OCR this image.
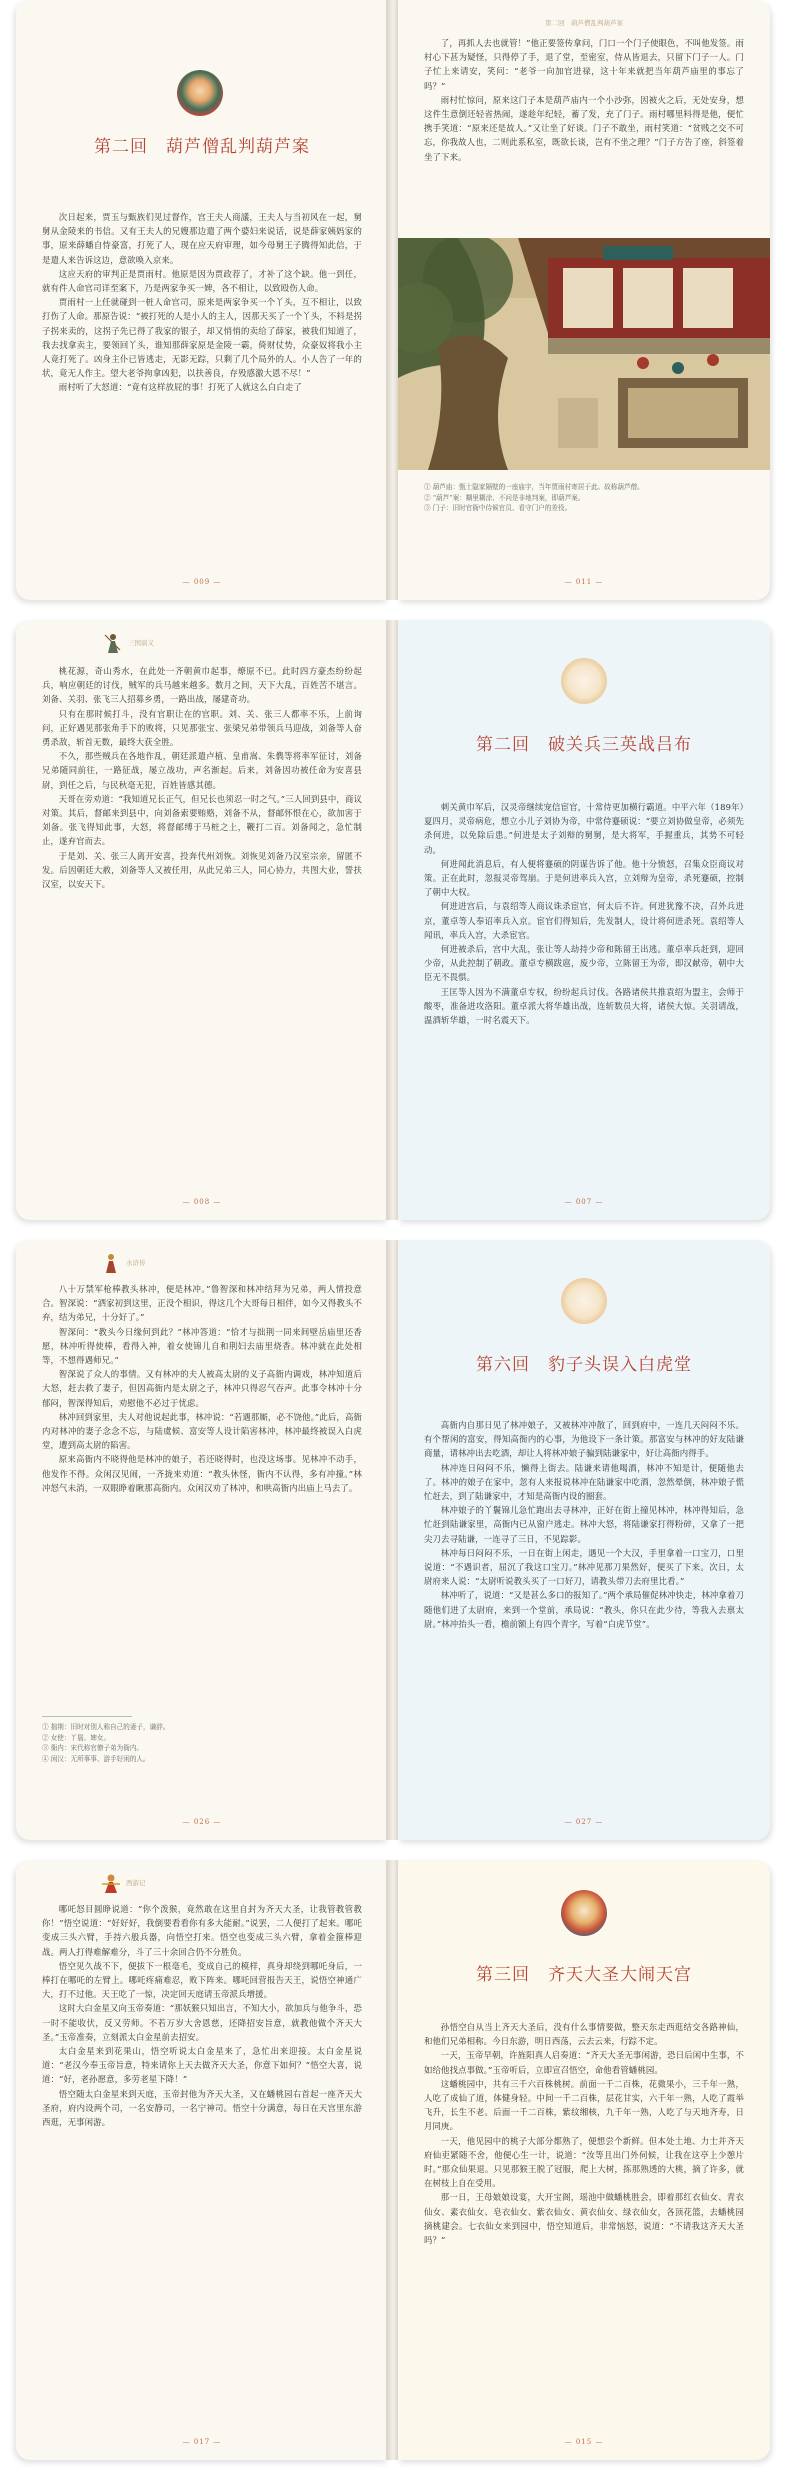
第二回　葫芦僧乱判葫芦案

次日起来，贾玉与甄族们见过督作，宫王夫人商議，王夫人与当初风在一起，舅舅从金陵来的书信。又有王夫人的兄嫂那边遣了两个婆妇来说话，说是薛家姨妈家的事，原来薛蟠自恃豪富，打死了人，现在应天府审理，如今母舅王子腾得知此信，于是遣人来告诉这边，意欲唤入京来。

这应天府的审判正是贾雨村。他原是因为贾政荐了，才补了这个缺。他一到任，就有件人命官司详至案下，乃是两家争买一婢，各不相让，以致殴伤人命。

贾雨村一上任就碰到一桩人命官司，原来是两家争买一个丫头，互不相让，以致打伤了人命。那原告说：“被打死的人是小人的主人，因那天买了一个丫头，不料是拐子拐来卖的，这拐子先已得了我家的银子，却又悄悄的卖给了薛家，被我们知道了，我去找拿卖主，要领回丫头，谁知那薛家原是金陵一霸，倚财仗势，众豪奴将我小主人竟打死了。凶身主仆已皆逃走，无影无踪，只剩了几个局外的人。小人告了一年的状，竟无人作主。望大老爷拘拿凶犯，以扶善良，存殁感激大恩不尽！”

雨村听了大怒道：“竟有这样放屁的事！打死了人就这么白白走了

— 009 —
第二回　葫芦僧乱判葫芦案

了，再抓人去也就管！”他正要签传拿问，门口一个门子使眼色，不叫他发签。雨村心下甚为疑怪，只得停了手，退了堂，至密室，侍从皆退去，只留下门子一人。门子忙上来请安，笑问：“老爷一向加官进禄，这十年来就把当年葫芦庙里的事忘了吗？”

雨村忙惊问，原来这门子本是葫芦庙内一个小沙弥，因被火之后，无处安身，想这件生意倒还轻省热闹，遂趁年纪轻，蓄了发，充了门子。雨村哪里料得是他，便忙携手笑道：“原来还是故人。”又让坐了好谈。门子不敢坐，雨村笑道：“贫贱之交不可忘，你我故人也，二则此系私室，既欲长谈，岂有不坐之理？”门子方告了座，斜签着坐了下来。

① 葫芦庙：甄士隐家隔壁的一座庙宇，当年贾雨村寄居于此。故称葫芦僧。

② “葫芦”案：糊里糊涂、不问是非地判案，即葫芦案。

③ 门子：旧时官衙中侍候官员、看守门户的差役。

— 011 —
三国演义

桃花源，奇山秀水，在此处一齐朝黄巾起事，燎原不已。此时四方豪杰纷纷起兵，响应朝廷的讨伐，贼军的兵马越来越多。数月之间，天下大乱，百姓苦不堪言。刘备、关羽、张飞三人招募乡勇，一路出战，屡建奇功。

只有在那时候打斗，没有官职让在的官职。刘、关、张三人都率不乐，上前询问，正好遇见那张角手下的败将，只见那张宝、张梁兄弟带领兵马迎战，刘备等人奋勇杀敌，斩首无数，最终大获全胜。

不久，那些贼兵在各地作乱，朝廷派遣卢植、皇甫嵩、朱儁等将率军征讨，刘备兄弟随同前往，一路征战，屡立战功，声名渐起。后来，刘备因功被任命为安喜县尉，到任之后，与民秋毫无犯，百姓皆感其德。

天哥在旁劝道：“我知道兄长正气，但兄长也须忍一时之气。”三人回到县中，商议对策。其后，督邮来到县中，向刘备索要贿赂，刘备不从，督邮怀恨在心，欲加害于刘备。张飞得知此事，大怒，将督邮缚于马桩之上，鞭打二百。刘备闻之，急忙制止，遂弃官而去。

于是刘、关、张三人离开安喜，投奔代州刘恢。刘恢见刘备乃汉室宗亲，留匿不发。后因朝廷大赦，刘备等人又被任用，从此兄弟三人，同心协力，共图大业，誓扶汉室，以安天下。

— 008 —
第二回　破关兵三英战吕布

刺关黄巾军后，汉灵帝继续宠信宦官，十常侍更加横行霸道。中平六年（189年）夏四月，灵帝病危，想立小儿子刘协为帝，中常侍蹇硕说：“要立刘协做皇帝，必须先杀何进，以免除后患。”何进是太子刘辩的舅舅，是大将军，手握重兵，其势不可轻动。

何进闻此消息后，有人便将蹇硕的阴谋告诉了他。他十分愤怒，召集众臣商议对策。正在此时，忽报灵帝驾崩。于是何进率兵入宫，立刘辩为皇帝，杀死蹇硕，控制了朝中大权。

何进进宫后，与袁绍等人商议诛杀宦官，何太后不许。何进犹豫不决，召外兵进京，董卓等人奉诏率兵入京。宦官们得知后，先发制人，设计将何进杀死。袁绍等人闻讯，率兵入宫，大杀宦官。

何进被杀后，宫中大乱，张让等人劫持少帝和陈留王出逃。董卓率兵赶到，迎回少帝，从此控制了朝政。董卓专横跋扈，废少帝，立陈留王为帝，即汉献帝，朝中大臣无不畏惧。

王匡等人因为不满董卓专权，纷纷起兵讨伐。各路诸侯共推袁绍为盟主，会师于酸枣，准备进攻洛阳。董卓派大将华雄出战，连斩数员大将，诸侯大惊。关羽请战，温酒斩华雄，一时名震天下。

— 007 —
水浒传

八十万禁军枪棒教头林冲，便是林冲。”鲁智深和林冲结拜为兄弟，两人情投意合。智深说：“洒家初到这里，正没个相识，得这几个大哥每日相伴，如今又得教头不弃，结为弟兄，十分好了。”

智深问：“教头今日缘何到此？”林冲答道：“恰才与拙荆一同来间壁岳庙里还香愿，林冲听得使棒，看得入神，着女使锦儿自和荆妇去庙里烧香。林冲就在此处相等，不想得遇师兄。”

智深说了众人的事情。又有林冲的夫人被高太尉的义子高衙内调戏，林冲知道后大怒，赶去救了妻子，但因高衙内是太尉之子，林冲只得忍气吞声。此事令林冲十分郁闷，智深得知后，劝慰他不必过于忧虑。

林冲回到家里，夫人对他说起此事，林冲说：“若遇那厮，必不饶他。”此后，高衙内对林冲的妻子念念不忘，与陆虞候、富安等人设计陷害林冲，林冲最终被误入白虎堂，遭到高太尉的陷害。

原来高衙内不晓得他是林冲的娘子，若还晓得时，也没这场事。见林冲不动手，他发作不得。众闲汉见闹，一齐拢来劝道：“教头休怪，衙内不认得，多有冲撞。”林冲怒气未消，一双眼睁着瞅那高衙内。众闲汉劝了林冲，和哄高衙内出庙上马去了。

① 拙荆：旧时对别人称自己的妻子，谦辞。

② 女使：丫鬟、婢女。

③ 衙内：宋代称官僚子弟为衙内。

④ 闲汉：无所事事、游手好闲的人。

— 026 —
第六回　豹子头误入白虎堂

高衙内自那日见了林冲娘子，又被林冲冲散了，回到府中，一连几天闷闷不乐。有个帮闲的富安，得知高衙内的心事，为他设下一条计策。那富安与林冲的好友陆谦商量，请林冲出去吃酒，却让人将林冲娘子骗到陆谦家中，好让高衙内得手。

林冲连日闷闷不乐，懒得上街去。陆谦来请他喝酒，林冲不知是计，便随他去了。林冲的娘子在家中，忽有人来报说林冲在陆谦家中吃酒，忽然晕倒，林冲娘子慌忙赶去，到了陆谦家中，才知是高衙内设的圈套。

林冲娘子的丫鬟锦儿急忙跑出去寻林冲，正好在街上撞见林冲，林冲得知后，急忙赶到陆谦家里，高衙内已从窗户逃走。林冲大怒，将陆谦家打得粉碎，又拿了一把尖刀去寻陆谦，一连寻了三日，不见踪影。

林冲每日闷闷不乐，一日在街上闲走，遇见一个大汉，手里拿着一口宝刀，口里说道：“不遇识者，屈沉了我这口宝刀。”林冲见那刀果然好，便买了下来。次日，太尉府来人说：“太尉听说教头买了一口好刀，请教头带刀去府里比看。”

林冲听了，说道：“又是甚么多口的报知了。”两个承局催促林冲快走，林冲拿着刀随他们进了太尉府，来到一个堂前，承局说：“教头，你只在此少待，等我入去禀太尉。”林冲抬头一看，檐前额上有四个青字，写着“白虎节堂”。

— 027 —
西游记

哪吒怒目圆睁说道：“你个泼猴，竟然敢在这里自封为齐天大圣，让我管教管教你！”悟空说道：“好好好，我倒要看看你有多大能耐。”说罢，二人便打了起来。哪吒变成三头六臂，手持六般兵器，向悟空打来。悟空也变成三头六臂，拿着金箍棒迎战。两人打得难解难分，斗了三十余回合仍不分胜负。

悟空见久战不下，便拔下一根毫毛，变成自己的模样，真身却绕到哪吒身后，一棒打在哪吒的左臂上。哪吒疼痛难忍，败下阵来。哪吒回营报告天王，说悟空神通广大，打不过他。天王吃了一惊，决定回天庭请玉帝派兵增援。

这时大白金星又向玉帝奏道：“那妖猴只知出言，不知大小，欲加兵与他争斗，恐一时不能收伏，反又劳师。不若万岁大舍恩慈，还降招安旨意，就教他做个齐天大圣。”玉帝准奏，立刻派太白金星前去招安。

太白金星来到花果山，悟空听说太白金星来了，急忙出来迎接。太白金星说道：“老汉今奉玉帝旨意，特来请你上天去做齐天大圣，你意下如何？”悟空大喜，说道：“好，老孙愿意，多劳老星下降！”

悟空随太白金星来到天庭，玉帝封他为齐天大圣，又在蟠桃园右首起一座齐天大圣府，府内设两个司，一名安静司，一名宁神司。悟空十分满意，每日在天宫里东游西逛，无事闲游。

— 017 —
第三回　齐天大圣大闹天宫

孙悟空自从当上齐天大圣后，没有什么事情要做，整天东走西逛结交各路神仙，和他们兄弟相称。今日东游，明日西荡，云去云来，行踪不定。

一天，玉帝早朝，许旌阳真人启奏道：“齐天大圣无事闲游，恐日后闲中生事，不如给他找点事做。”玉帝听后，立即宣召悟空，命他看管蟠桃园。

这蟠桃园中，共有三千六百株桃树。前面一千二百株，花微果小，三千年一熟，人吃了成仙了道，体健身轻。中间一千二百株，层花甘实，六千年一熟，人吃了霞举飞升，长生不老。后面一千二百株，紫纹缃核，九千年一熟，人吃了与天地齐寿，日月同庚。

一天，他见园中的桃子大部分都熟了，便想尝个新鲜。但本处土地、力士并齐天府仙吏紧随不舍，他便心生一计，说道：“汝等且出门外伺候，让我在这亭上少憩片时。”那众仙果退。只见那猴王脱了冠服，爬上大树，拣那熟透的大桃，摘了许多，就在树枝上自在受用。

那一日，王母娘娘设宴，大开宝阁，瑶池中做蟠桃胜会，即着那红衣仙女、青衣仙女、素衣仙女、皂衣仙女、紫衣仙女、黄衣仙女、绿衣仙女，各顶花篮，去蟠桃园摘桃建会。七衣仙女来到园中，悟空知道后，非常恼怒，说道：“不请我这齐天大圣吗？”

— 015 —
